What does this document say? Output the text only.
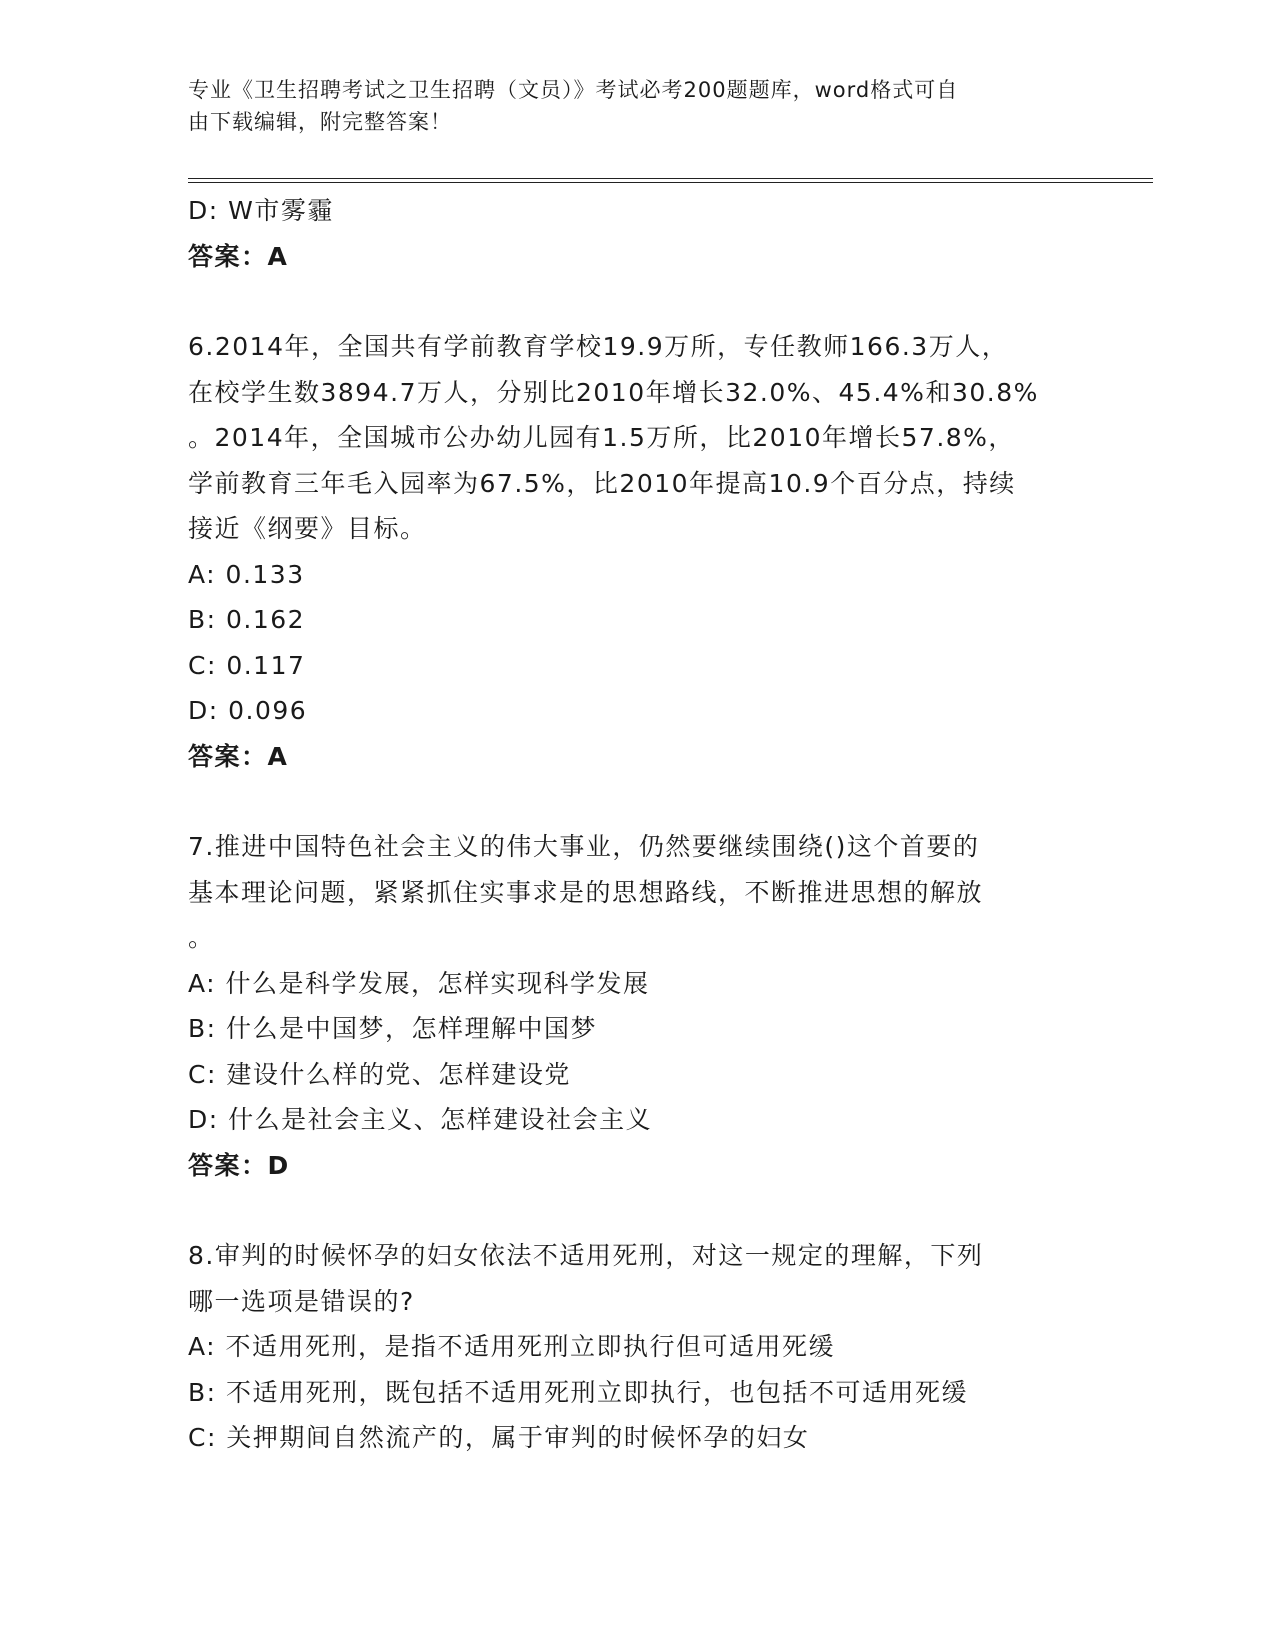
专业《卫生招聘考试之卫生招聘（文员）》考试必考200题题库，word格式可自
由下载编辑，附完整答案！
D: W市雾霾
答案：A
6.2014年，全国共有学前教育学校19.9万所，专任教师166.3万人，
在校学生数3894.7万人，分别比2010年增长32.0%、45.4%和30.8%
。2014年，全国城市公办幼儿园有1.5万所，比2010年增长57.8%，
学前教育三年毛入园率为67.5%，比2010年提高10.9个百分点，持续
接近《纲要》目标。
A: 0.133
B: 0.162
C: 0.117
D: 0.096
答案：A
7.推进中国特色社会主义的伟大事业，仍然要继续围绕()这个首要的
基本理论问题，紧紧抓住实事求是的思想路线，不断推进思想的解放
。
A: 什么是科学发展，怎样实现科学发展
B: 什么是中国梦，怎样理解中国梦
C: 建设什么样的党、怎样建设党
D: 什么是社会主义、怎样建设社会主义
答案：D
8.审判的时候怀孕的妇女依法不适用死刑，对这一规定的理解，下列
哪一选项是错误的?
A: 不适用死刑，是指不适用死刑立即执行但可适用死缓
B: 不适用死刑，既包括不适用死刑立即执行，也包括不可适用死缓
C: 关押期间自然流产的，属于审判的时候怀孕的妇女
